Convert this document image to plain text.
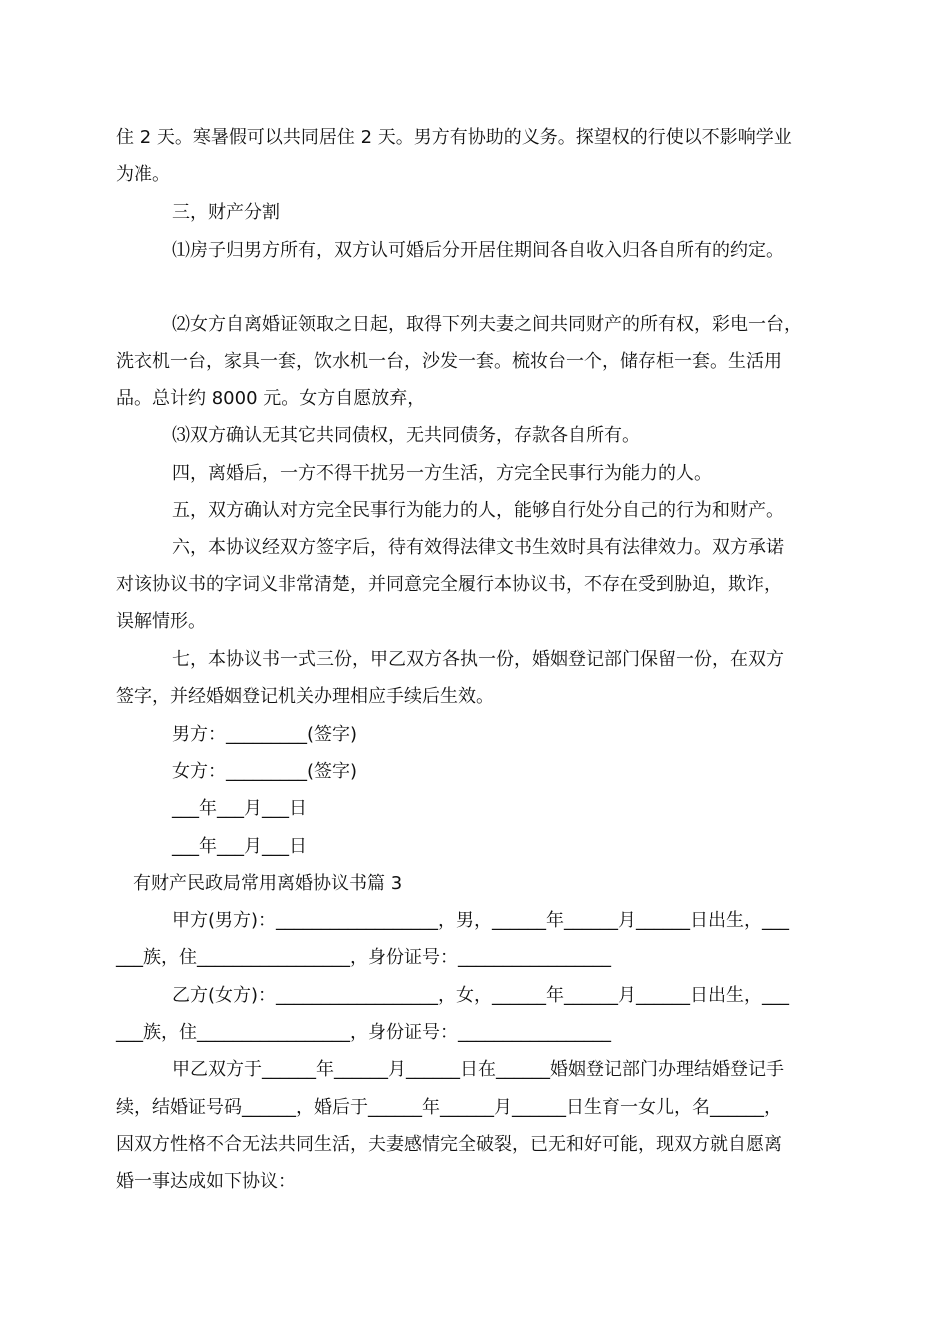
住 2 天。寒暑假可以共同居住 2 天。男方有协助的义务。探望权的行使以不影响学业
为准。
三，财产分割
⑴房子归男方所有，双方认可婚后分开居住期间各自收入归各自所有的约定。
⑵女方自离婚证领取之日起，取得下列夫妻之间共同财产的所有权，彩电一台，
洗衣机一台，家具一套，饮水机一台，沙发一套。梳妆台一个，储存柜一套。生活用
品。总计约 8000 元。女方自愿放弃，
⑶双方确认无其它共同债权，无共同债务，存款各自所有。
四，离婚后，一方不得干扰另一方生活，方完全民事行为能力的人。
五，双方确认对方完全民事行为能力的人，能够自行处分自己的行为和财产。
六，本协议经双方签字后，待有效得法律文书生效时具有法律效力。双方承诺
对该协议书的字词义非常清楚，并同意完全履行本协议书，不存在受到胁迫，欺诈，
误解情形。
七，本协议书一式三份，甲乙双方各执一份，婚姻登记部门保留一份，在双方
签字，并经婚姻登记机关办理相应手续后生效。
男方：_________(签字)
女方：_________(签字)
___年___月___日
___年___月___日
有财产民政局常用离婚协议书篇 3
甲方(男方)：__________________，男，______年______月______日出生，___
___族，住_________________，身份证号：_________________
乙方(女方)：__________________，女，______年______月______日出生，___
___族，住_________________，身份证号：_________________
甲乙双方于______年______月______日在______婚姻登记部门办理结婚登记手
续，结婚证号码______，婚后于______年______月______日生育一女儿，名______，
因双方性格不合无法共同生活，夫妻感情完全破裂，已无和好可能，现双方就自愿离
婚一事达成如下协议：
